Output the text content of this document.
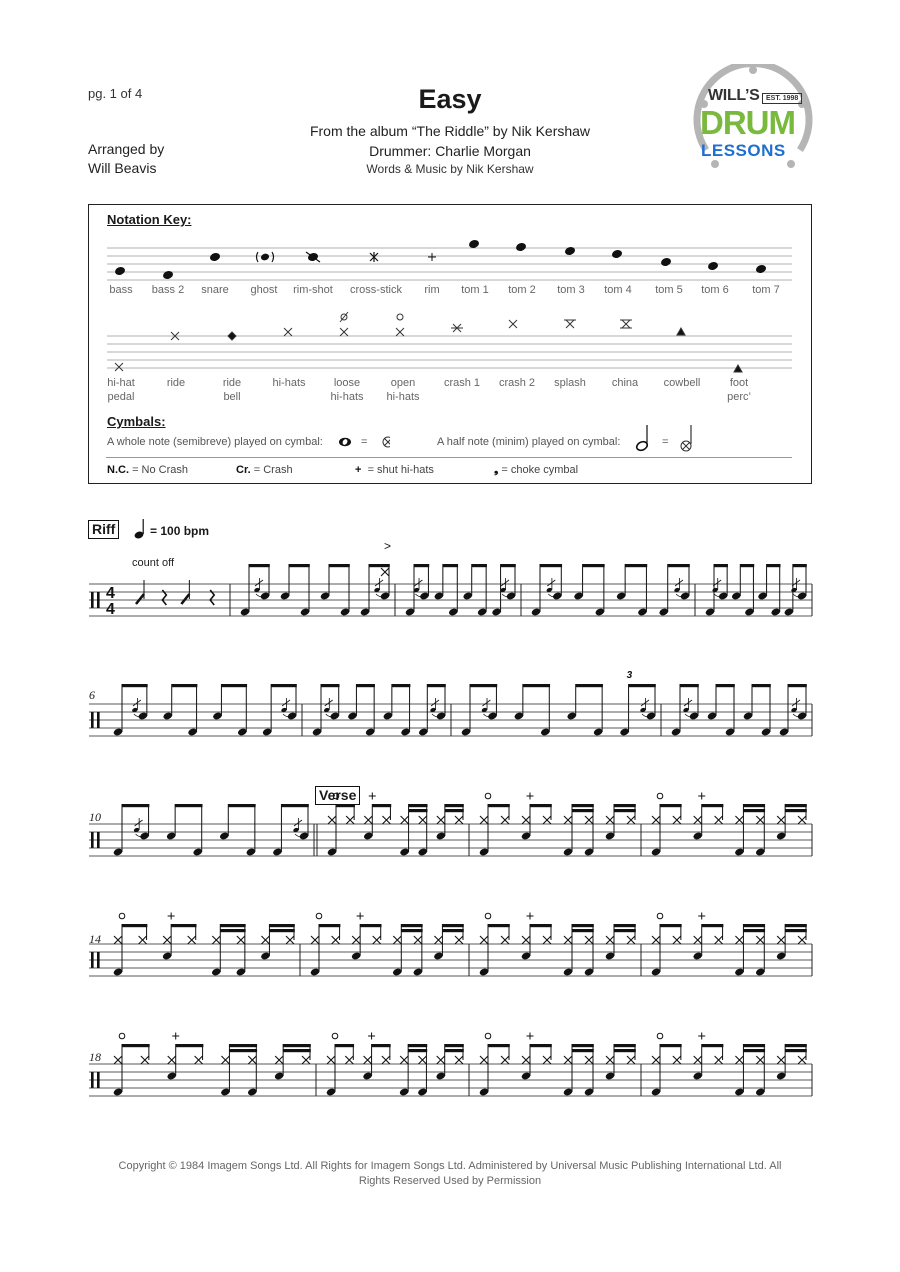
pg. 1 of 4	Easy
From the album “The Riddle” by Nik Kershaw
Drummer: Charlie Morgan
Words & Music by Nik Kershaw
Arranged by
Will Beavis
WILL’S EST. 1998
DRUM
LESSONS
Notation Key:
bass	bass 2	snare	ghost	rim-shot	cross-stick	rim	tom 1	tom 2	tom 3	tom 4	tom 5	tom 6	tom 7
hi-hat
pedal
ride	ride
bell
hi-hats	loose
hi-hats
open
hi-hats
crash 1	crash 2	splash	china	cowbell	foot
perc’
Cymbals:
A whole note (semibreve) played on cymbal:	A half note (minim) played on cymbal:
=	=
N.C. = No Crash	Cr. = Crash	+ = shut hi-hats	❟ = choke cymbal
Riff	= 100 bpm
count off
Verse
6
10
14
18
4
4
>
3
Copyright © 1984 Imagem Songs Ltd. All Rights for Imagem Songs Ltd. Administered by Universal Music Publishing International Ltd. All
Rights Reserved Used by Permission
